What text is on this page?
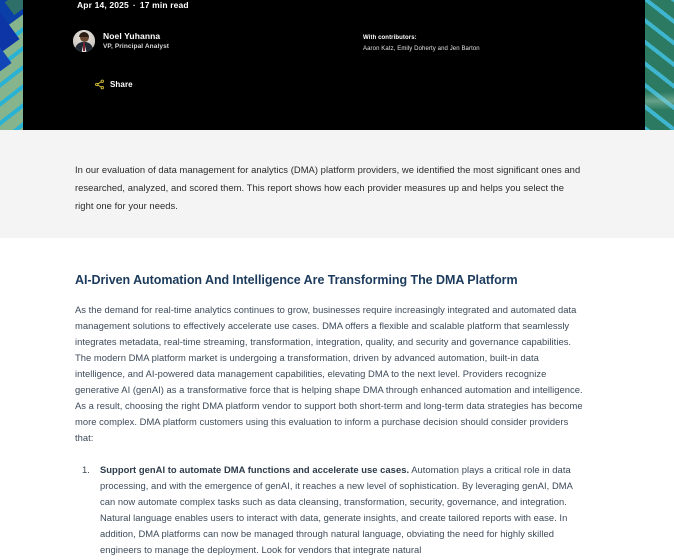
Apr 14, 2025 · 17 min read
Noel Yuhanna
VP, Principal Analyst
With contributors:
Aaron Katz, Emily Doherty and Jen Barton
Share

In our evaluation of data management for analytics (DMA) platform providers, we identified the most significant ones and researched, analyzed, and scored them. This report shows how each provider measures up and helps you select the right one for your needs.

AI-Driven Automation And Intelligence Are Transforming The DMA Platform

As the demand for real-time analytics continues to grow, businesses require increasingly integrated and automated data management solutions to effectively accelerate use cases. DMA offers a flexible and scalable platform that seamlessly integrates metadata, real-time streaming, transformation, integration, quality, and security and governance capabilities. The modern DMA platform market is undergoing a transformation, driven by advanced automation, built-in data intelligence, and AI-powered data management capabilities, elevating DMA to the next level. Providers recognize generative AI (genAI) as a transformative force that is helping shape DMA through enhanced automation and intelligence. As a result, choosing the right DMA platform vendor to support both short-term and long-term data strategies has become more complex. DMA platform customers using this evaluation to inform a purchase decision should consider providers that:

Support genAI to automate DMA functions and accelerate use cases. Automation plays a critical role in data processing, and with the emergence of genAI, it reaches a new level of sophistication. By leveraging genAI, DMA can now automate complex tasks such as data cleansing, transformation, security, governance, and integration. Natural language enables users to interact with data, generate insights, and create tailored reports with ease. In addition, DMA platforms can now be managed through natural language, obviating the need for highly skilled engineers to manage the deployment. Look for vendors that integrate natural
